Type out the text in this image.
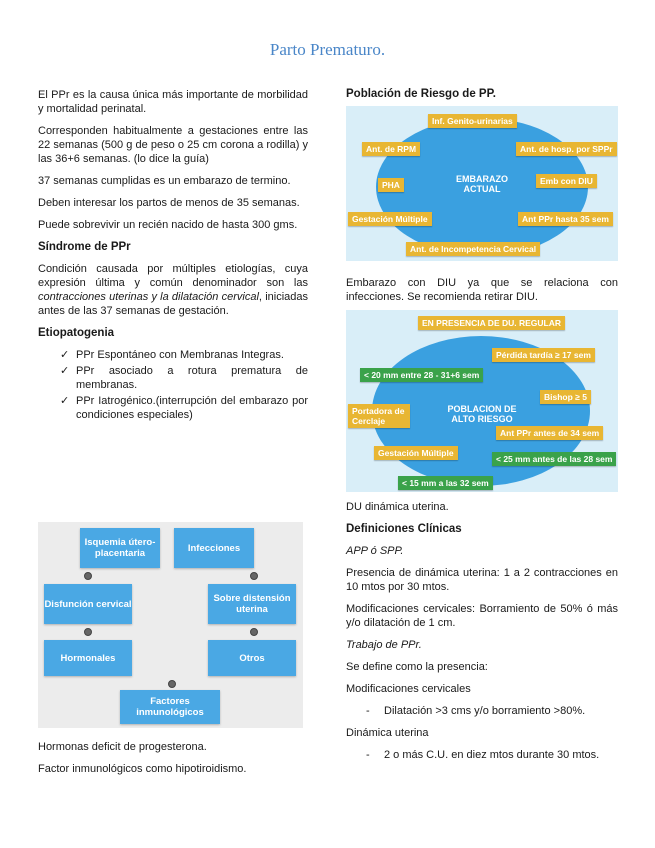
Parto Prematuro.

El PPr es la causa única más importante de morbilidad y mortalidad perinatal.

Corresponden habitualmente a gestaciones entre las 22 semanas (500 g de peso o 25 cm corona a rodilla) y las 36+6 semanas. (lo dice la guía)

37 semanas cumplidas es un embarazo de termino.

Deben interesar los partos de menos de 35 semanas.

Puede sobrevivir un recién nacido de hasta 300 gms.

Síndrome de PPr

Condición causada por múltiples etiologías, cuya expresión última y común denominador son las contracciones uterinas y la dilatación cervical, iniciadas antes de las 37 semanas de gestación.

Etiopatogenia
✓ PPr Espontáneo con Membranas Integras.
✓ PPr asociado a rotura prematura de membranas.
✓ PPr Iatrogénico.(interrupción del embarazo por condiciones especiales)
Isquemia útero-placentaria	Infecciones
Disfunción cervical	Sobre distensión uterina
Hormonales	Otros
Factores inmunológicos

Hormonas deficit de progesterona.

Factor inmunológicos como hipotiroidismo.

Población de Riesgo de PP.
EMBARAZO ACTUAL
Inf. Genito-urinarias
Ant. de RPM	Ant. de hosp. por SPPr
PHA	Emb con DIU
Gestación Múltiple	Ant PPr hasta 35 sem
Ant. de Incompetencia Cervical

Embarazo con DIU ya que se relaciona con infecciones. Se recomienda retirar DIU.

EN PRESENCIA DE DU. REGULAR
POBLACION DE ALTO RIESGO
Pérdida tardía ≥ 17 sem
< 20 mm entre 28 - 31+6 sem
Bishop ≥ 5
Portadora de Cerclaje
Ant PPr antes de 34 sem
Gestación Múltiple
< 25 mm antes de las 28 sem
< 15 mm a las 32 sem

DU dinámica uterina.

Definiciones Clínicas

APP ó SPP.

Presencia de dinámica uterina: 1 a 2 contracciones en 10 mtos por 30 mtos.

Modificaciones cervicales: Borramiento de 50% ó más y/o dilatación de 1 cm.

Trabajo de PPr.

Se define como la presencia:

Modificaciones cervicales

- Dilatación >3 cms y/o borramiento >80%.

Dinámica uterina

- 2 o más C.U. en diez mtos durante 30 mtos.
